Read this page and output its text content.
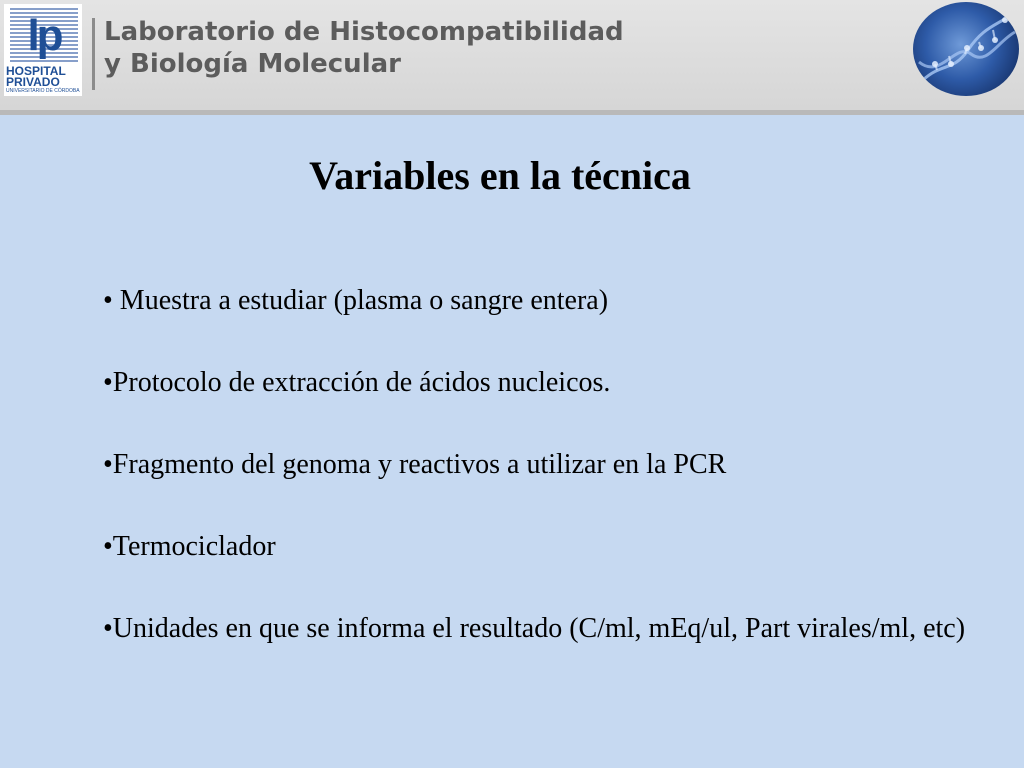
lp
HOSPITAL PRIVADO
UNIVERSITARIO DE CÓRDOBA
Laboratorio de Histocompatibilidad
y Biología Molecular
Variables en la técnica
• Muestra a estudiar (plasma o sangre entera)
•Protocolo de extracción de ácidos nucleicos.
•Fragmento del genoma y reactivos a utilizar en la PCR
•Termociclador
•Unidades en que se informa el resultado (C/ml, mEq/ul, Part virales/ml, etc)
